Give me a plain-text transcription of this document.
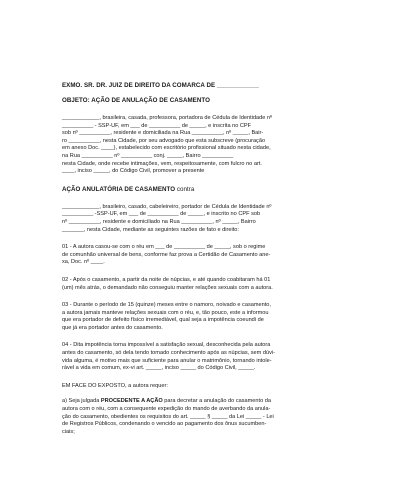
EXMO. SR. DR. JUIZ DE DIREITO DA COMARCA DE ____________
OBJETO: AÇÃO DE ANULAÇÃO DE CASAMENTO
____________, brasileira, casada, professora, portadora de Cédula de Identidade nº
__________ - SSP-UF, em ___ de __________ de _____, e inscrita no CPF
sob nº __________, residente e domiciliada na Rua __________, nº _____, Bair-
ro __________, nesta Cidade, por seu advogado que esta subscreve (procuração
em anexo Doc. ____), estabelecido com escritório profissional situado nesta cidade,
na Rua __________ nº __________ conj. _____, Bairro __________
nesta Cidade, onde recebe intimações, vem, respeitosamente, com fulcro no art.
____, inciso _____, do Código Civil, promover a presente
AÇÃO ANULATÓRIA DE CASAMENTO contra
____________, brasileiro, casado, cabeleireiro, portador de Cédula de Identidade nº
__________ -SSP-UF, em ___ de __________ de _____, e inscrito no CPF sob
nº __________, residente e domiciliado na Rua __________, nº _____, Bairro
_______, nesta Cidade, mediante as seguintes razões de fato e direito:
01 - A autora casou-se com o réu em ___ de __________ de _____, sob o regime
de comunhão universal de bens, conforme faz prova a Certidão de Casamento ane-
xa, Doc. nº ____.
02 - Após o casamento, a partir da noite de núpcias, e até quando coabitaram há 01
(um) mês atrás, o demandado não conseguiu manter relações sexuais com a autora.
03 - Durante o período de 15 (quinze) meses entre o namoro, noivado e casamento,
a autora jamais manteve relações sexuais com o réu, e, tão pouco, este a informou
que era portador de defeito físico irremediável, qual seja a impotência coeundi de
que já era portador antes do casamento.
04 - Dita impotência torna impossível a satisfação sexual, desconhecida pela autora
antes do casamento, só dela tendo tomado conhecimento após as núpcias, sem dúvi-
vida alguma, é motivo mais que suficiente para anular o matrimônio, tornando intole-
rável a vida em comum, ex-vi art. _____, inciso _____ do Código Civil, _____.
EM FACE DO EXPOSTO, a autora requer:
a) Seja julgada PROCEDENTE A AÇÃO para decretar a anulação do casamento da
autora com o réu, com a consequente expedição do mando de averbando da anula-
ção do casamento, obedientes os requisitos do art. _____ § _____ da Lei _____ - Lei
de Registros Públicos, condenando o vencido ao pagamento dos ônus sucumben-
ciais;
